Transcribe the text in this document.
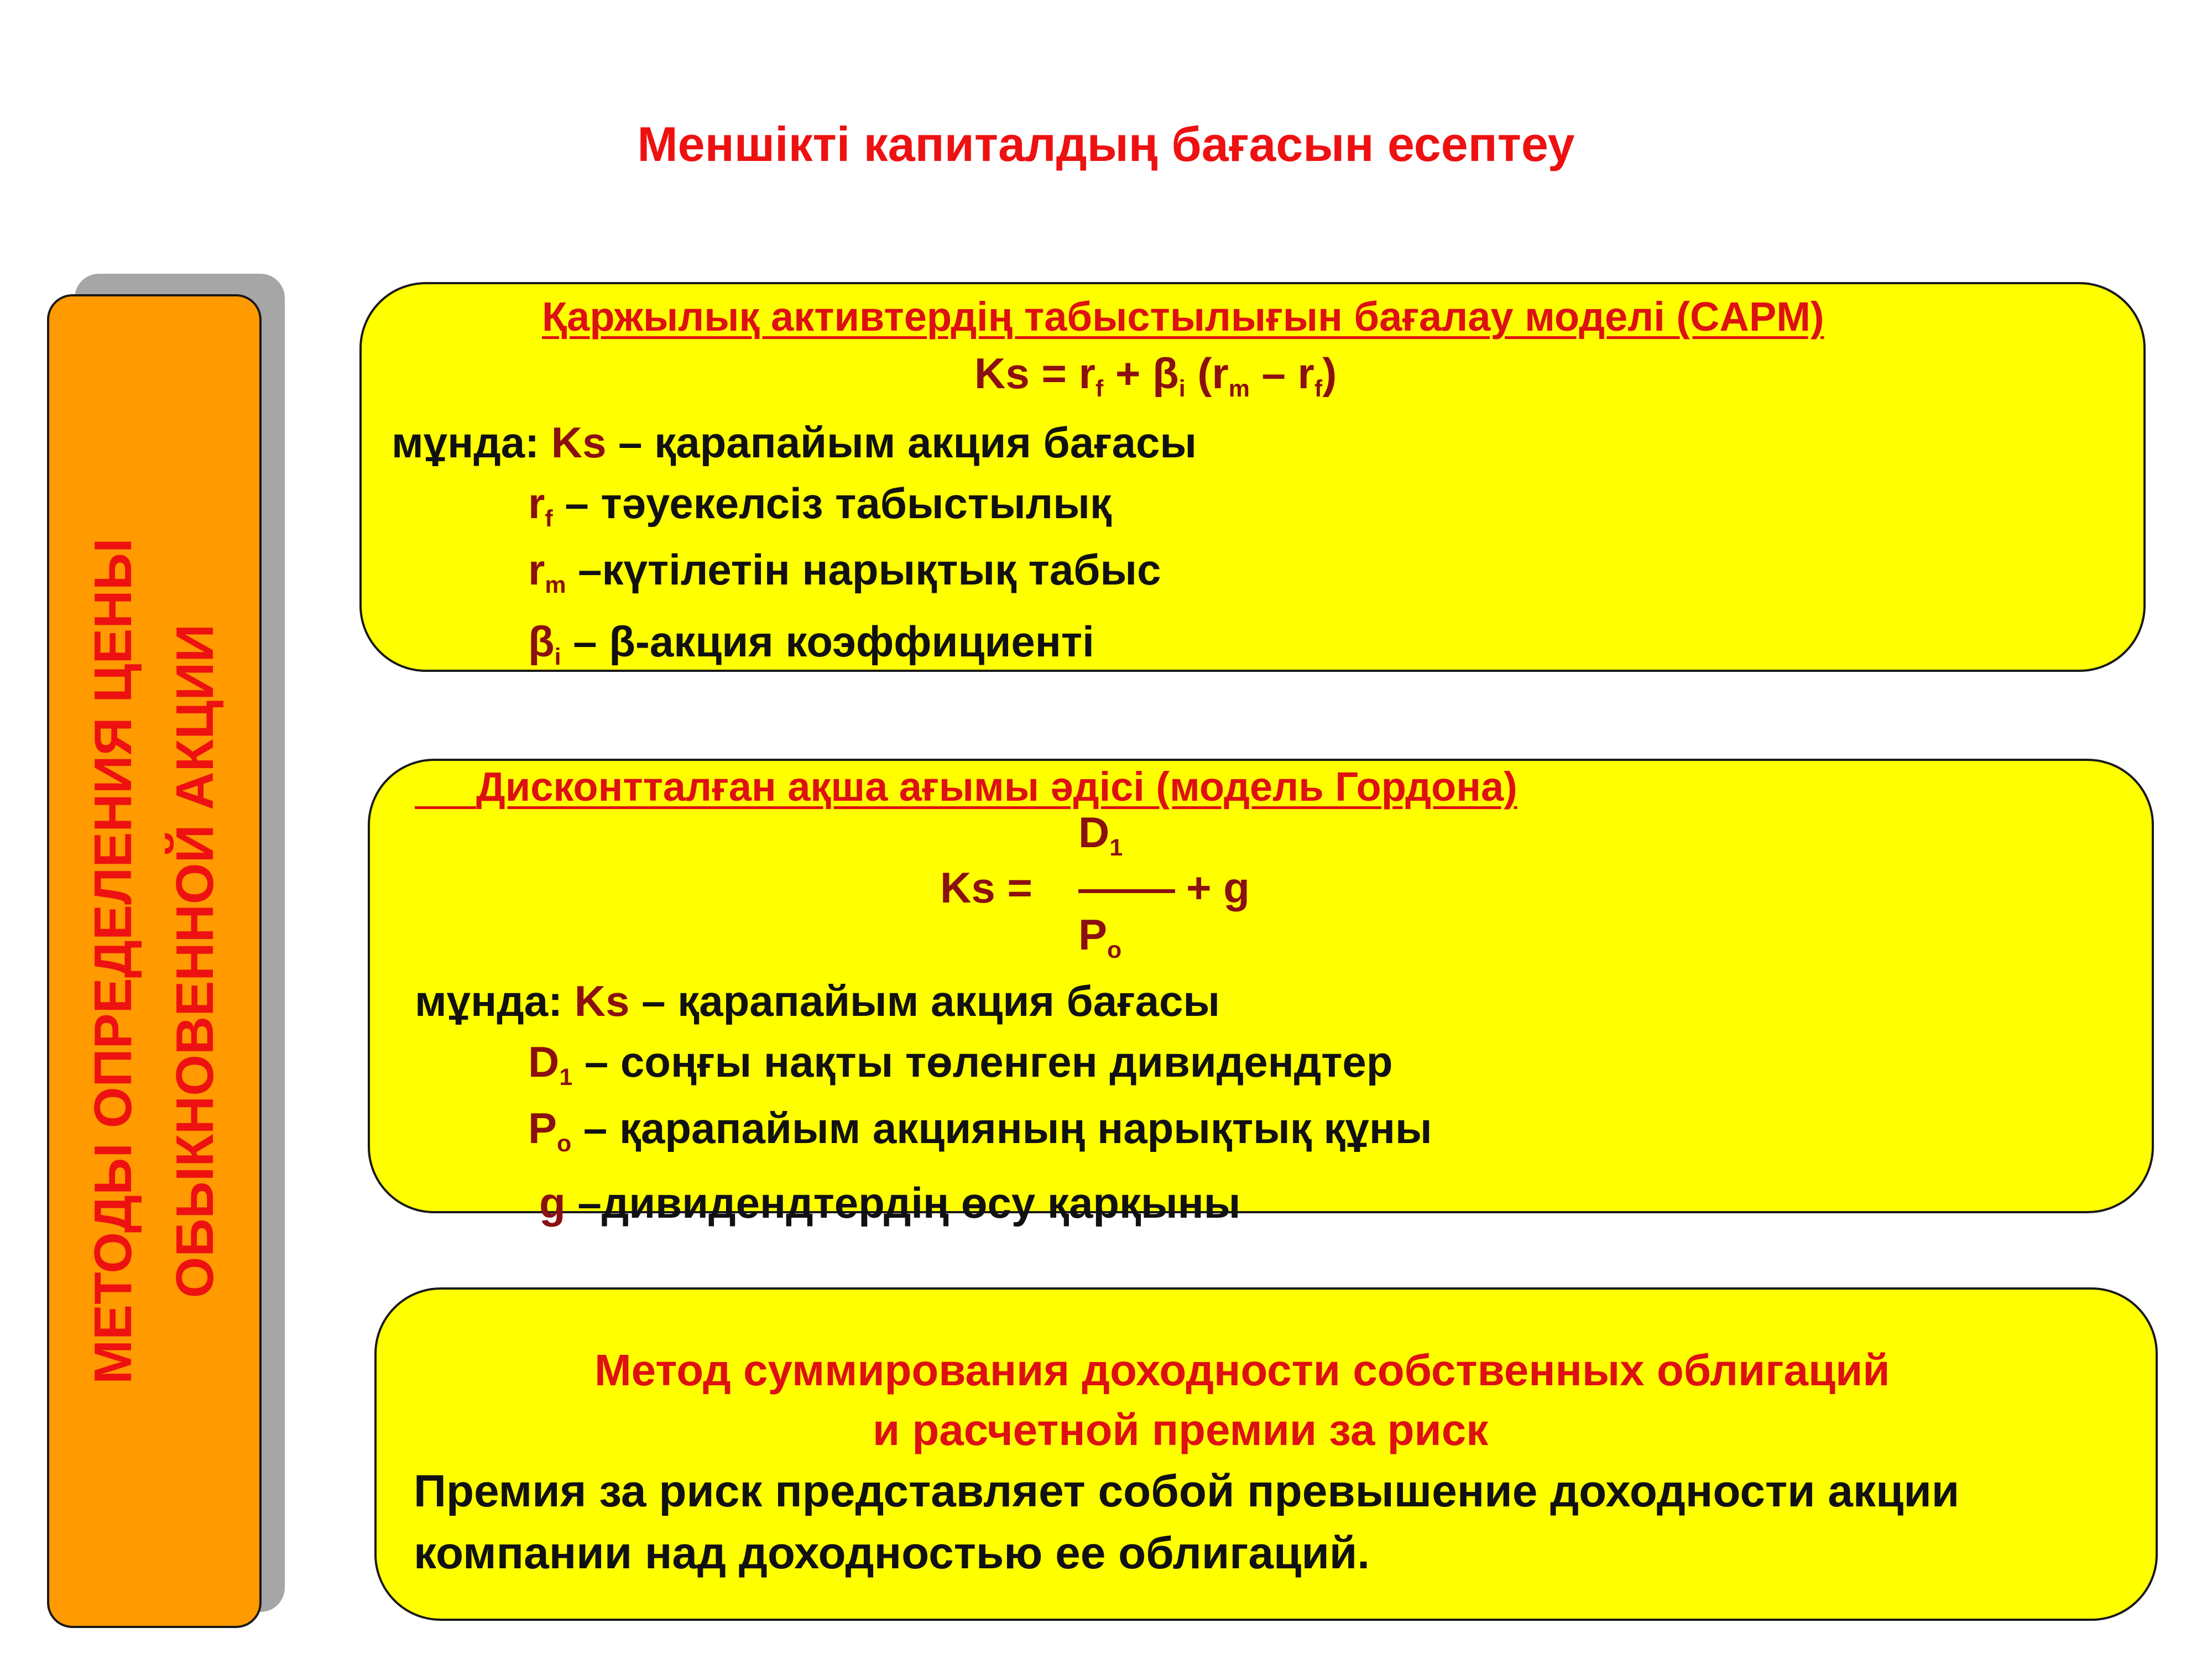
Меншікті капиталдың бағасын есептеу
МЕТОДЫ ОПРЕДЕЛЕНИЯ ЦЕНЫ ОБЫКНОВЕННОЙ АКЦИИ
Қаржылық активтердің табыстылығын бағалау моделі (CAPM)
$Ks = r_f + \beta_i$ $(r_m - r_f)$
мұнда: Ks – қарапайым акция бағасы
$r_f$ – тәуекелсіз табыстылық
$r_m$ –күтілетін нарықтық табыс
$\beta_i$ – β-акция коэффициенті
  Дисконтталған ақша ағымы әдісі (модель Гордона)
$D_1$
Ks =	+ g
$P_o$
мұнда: Ks – қарапайым акция бағасы
$D_1$ – соңғы нақты төленген дивидендтер
$P_o$ – қарапайым акцияның нарықтық құны
g –дивидендтердің өсу қарқыны
Метод суммирования доходности собственных облигаций
и расчетной премии за риск
Премия за риск представляет собой превышение доходности акции
компании над доходностью ее облигаций.
